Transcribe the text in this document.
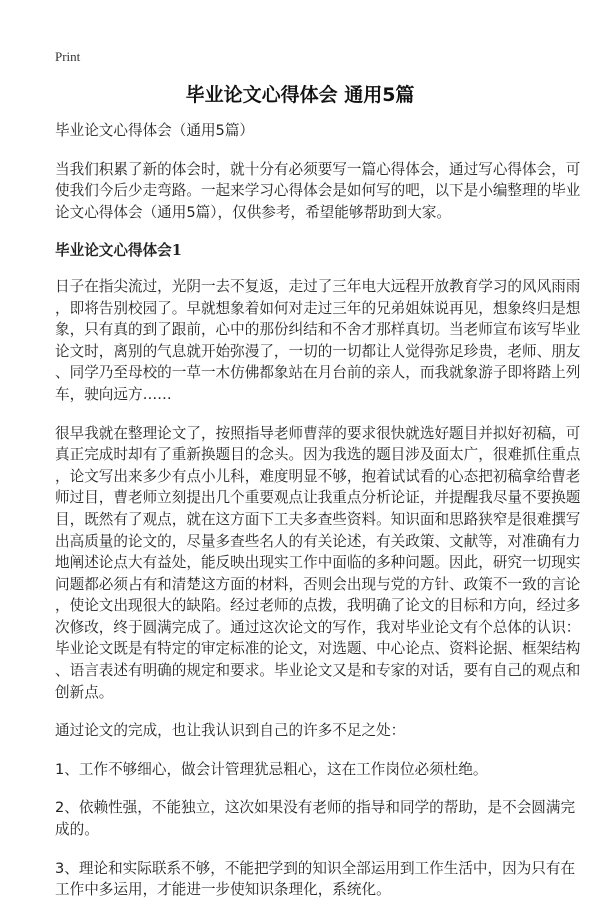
Print
毕业论文心得体会 通用5篇
毕业论文心得体会（通用5篇）
当我们积累了新的体会时，就十分有必须要写一篇心得体会，通过写心得体会，可
使我们今后少走弯路。一起来学习心得体会是如何写的吧，以下是小编整理的毕业
论文心得体会（通用5篇），仅供参考，希望能够帮助到大家。
毕业论文心得体会1
日子在指尖流过，光阴一去不复返，走过了三年电大远程开放教育学习的风风雨雨
，即将告别校园了。早就想象着如何对走过三年的兄弟姐妹说再见，想象终归是想
象，只有真的到了跟前，心中的那份纠结和不舍才那样真切。当老师宣布该写毕业
论文时，离别的气息就开始弥漫了，一切的一切都让人觉得弥足珍贵，老师、朋友
、同学乃至母校的一草一木仿佛都象站在月台前的亲人，而我就象游子即将踏上列
车，驶向远方……
很早我就在整理论文了，按照指导老师曹萍的要求很快就选好题目并拟好初稿，可
真正完成时却有了重新换题目的念头。因为我选的题目涉及面太广，很难抓住重点
，论文写出来多少有点小儿科，难度明显不够，抱着试试看的心态把初稿拿给曹老
师过目，曹老师立刻提出几个重要观点让我重点分析论证，并提醒我尽量不要换题
目，既然有了观点，就在这方面下工夫多查些资料。知识面和思路狭窄是很难撰写
出高质量的论文的，尽量多查些名人的有关论述，有关政策、文献等，对准确有力
地阐述论点大有益处，能反映出现实工作中面临的多种问题。因此，研究一切现实
问题都必须占有和清楚这方面的材料，否则会出现与党的方针、政策不一致的言论
，使论文出现很大的缺陷。经过老师的点拨，我明确了论文的目标和方向，经过多
次修改，终于圆满完成了。通过这次论文的写作，我对毕业论文有个总体的认识：
毕业论文既是有特定的审定标准的论文，对选题、中心论点、资料论据、框架结构
、语言表述有明确的规定和要求。毕业论文又是和专家的对话，要有自己的观点和
创新点。
通过论文的完成，也让我认识到自己的许多不足之处：
1、工作不够细心，做会计管理犹忌粗心，这在工作岗位必须杜绝。
2、依赖性强，不能独立，这次如果没有老师的指导和同学的帮助，是不会圆满完
成的。
3、理论和实际联系不够，不能把学到的知识全部运用到工作生活中，因为只有在
工作中多运用，才能进一步使知识条理化，系统化。
